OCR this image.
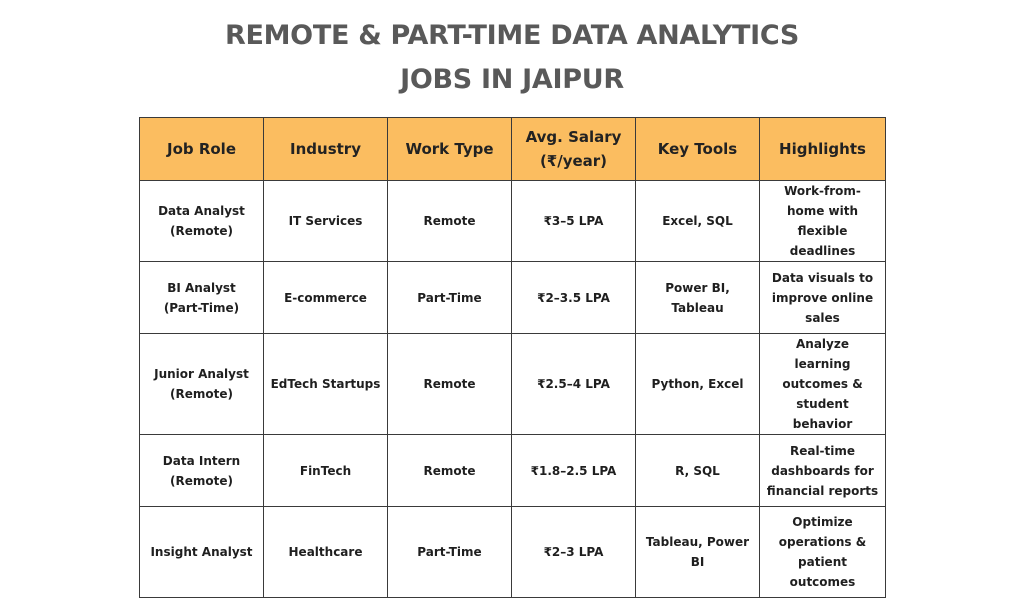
REMOTE & PART-TIME DATA ANALYTICS
JOBS IN JAIPUR
Job Role	Industry	Work Type	Avg. Salary (₹/year)	Key Tools	Highlights
Data Analyst (Remote)	IT Services	Remote	₹3–5 LPA	Excel, SQL	Work-from-home with flexible deadlines
BI Analyst (Part-Time)	E-commerce	Part-Time	₹2–3.5 LPA	Power BI, Tableau	Data visuals to improve online sales
Junior Analyst (Remote)	EdTech Startups	Remote	₹2.5–4 LPA	Python, Excel	Analyze learning outcomes & student behavior
Data Intern (Remote)	FinTech	Remote	₹1.8–2.5 LPA	R, SQL	Real-time dashboards for financial reports
Insight Analyst	Healthcare	Part-Time	₹2–3 LPA	Tableau, Power BI	Optimize operations & patient outcomes
